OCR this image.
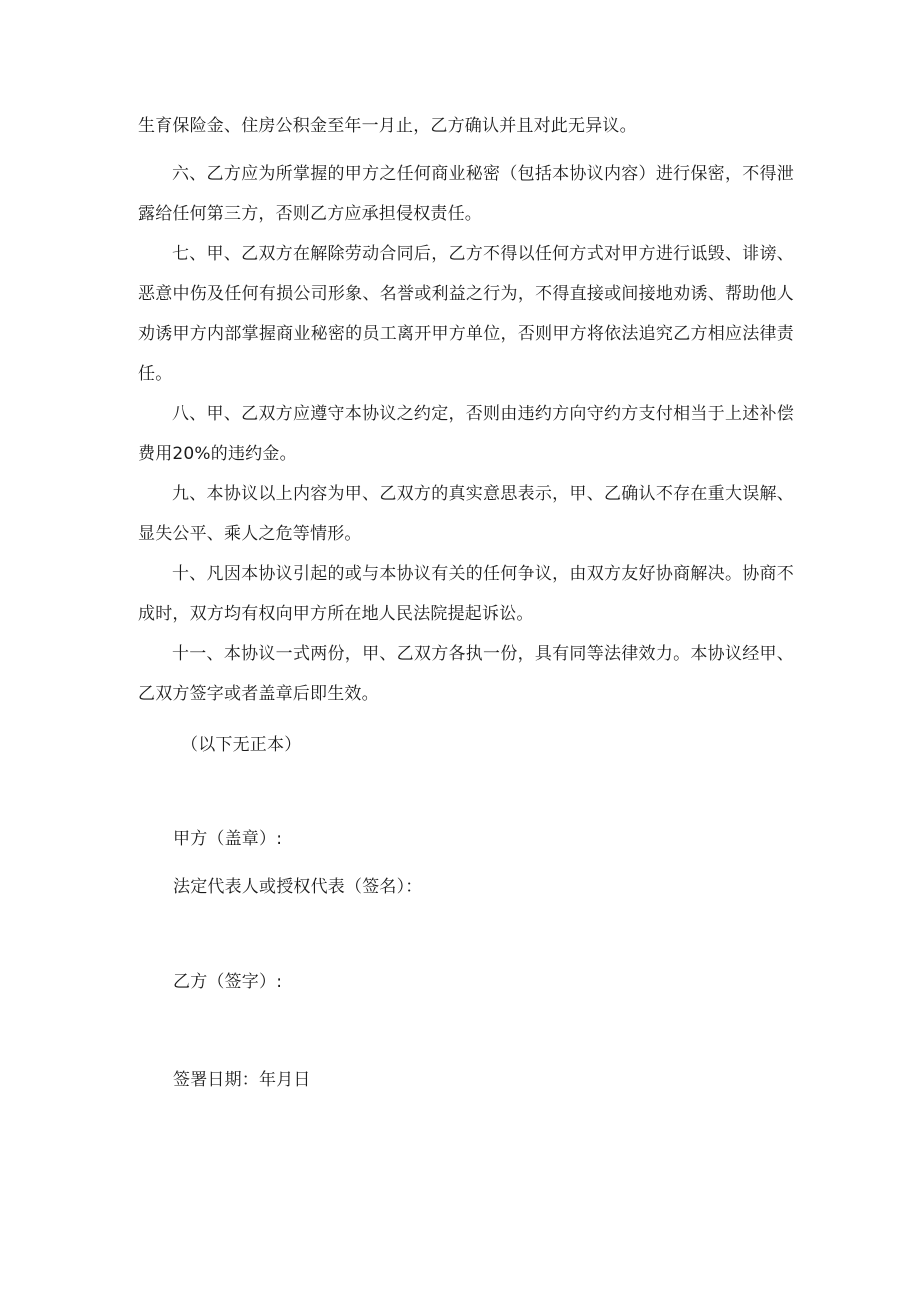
生育保险金、住房公积金至年一月止，乙方确认并且对此无异议。

六、乙方应为所掌握的甲方之任何商业秘密（包括本协议内容）进行保密，不得泄露给任何第三方，否则乙方应承担侵权责任。

七、甲、乙双方在解除劳动合同后，乙方不得以任何方式对甲方进行诋毁、诽谤、恶意中伤及任何有损公司形象、名誉或利益之行为，不得直接或间接地劝诱、帮助他人劝诱甲方内部掌握商业秘密的员工离开甲方单位，否则甲方将依法追究乙方相应法律责任。

八、甲、乙双方应遵守本协议之约定，否则由违约方向守约方支付相当于上述补偿费用20%的违约金。

九、本协议以上内容为甲、乙双方的真实意思表示，甲、乙确认不存在重大误解、显失公平、乘人之危等情形。

十、凡因本协议引起的或与本协议有关的任何争议，由双方友好协商解决。协商不成时，双方均有权向甲方所在地人民法院提起诉讼。

十一、本协议一式两份，甲、乙双方各执一份，具有同等法律效力。本协议经甲、乙双方签字或者盖章后即生效。

（以下无正本）

甲方（盖章）:

法定代表人或授权代表（签名）：

乙方（签字）:

签署日期：年月日
